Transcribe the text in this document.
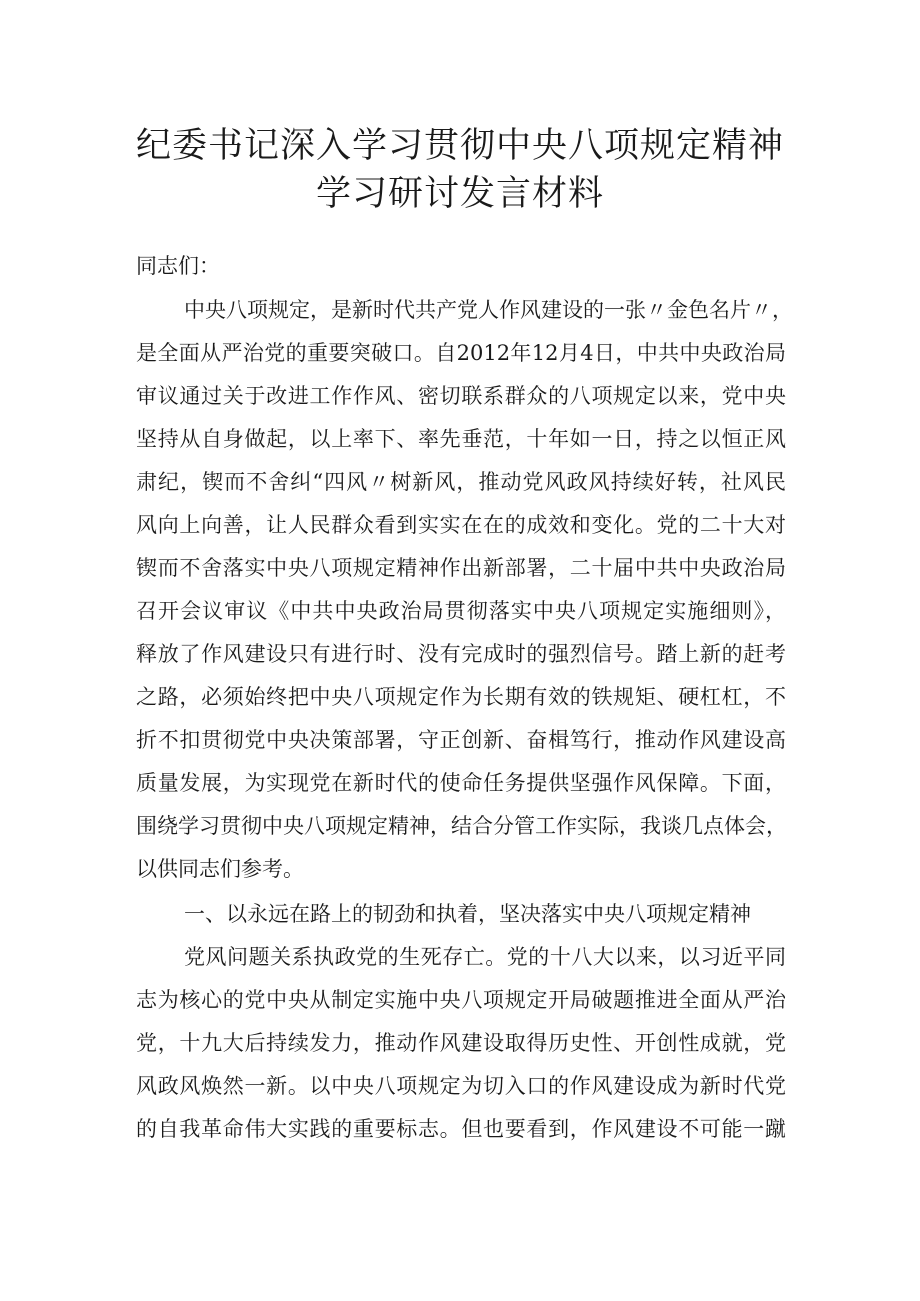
纪委书记深入学习贯彻中央八项规定精神
学习研讨发言材料
同志们：
中央八项规定，是新时代共产党人作风建设的一张〃金色名片〃，
是全面从严治党的重要突破口。自2012年12月4日，中共中央政治局
审议通过关于改进工作作风、密切联系群众的八项规定以来，党中央
坚持从自身做起，以上率下、率先垂范，十年如一日，持之以恒正风
肃纪，锲而不舍纠“四风〃树新风，推动党风政风持续好转，社风民
风向上向善，让人民群众看到实实在在的成效和变化。党的二十大对
锲而不舍落实中央八项规定精神作出新部署，二十届中共中央政治局
召开会议审议《中共中央政治局贯彻落实中央八项规定实施细则》，
释放了作风建设只有进行时、没有完成时的强烈信号。踏上新的赶考
之路，必须始终把中央八项规定作为长期有效的铁规矩、硬杠杠，不
折不扣贯彻党中央决策部署，守正创新、奋楫笃行，推动作风建设高
质量发展，为实现党在新时代的使命任务提供坚强作风保障。下面，
围绕学习贯彻中央八项规定精神，结合分管工作实际，我谈几点体会，
以供同志们参考。
一、以永远在路上的韧劲和执着，坚决落实中央八项规定精神
党风问题关系执政党的生死存亡。党的十八大以来，以习近平同
志为核心的党中央从制定实施中央八项规定开局破题推进全面从严治
党，十九大后持续发力，推动作风建设取得历史性、开创性成就，党
风政风焕然一新。以中央八项规定为切入口的作风建设成为新时代党
的自我革命伟大实践的重要标志。但也要看到，作风建设不可能一蹴
